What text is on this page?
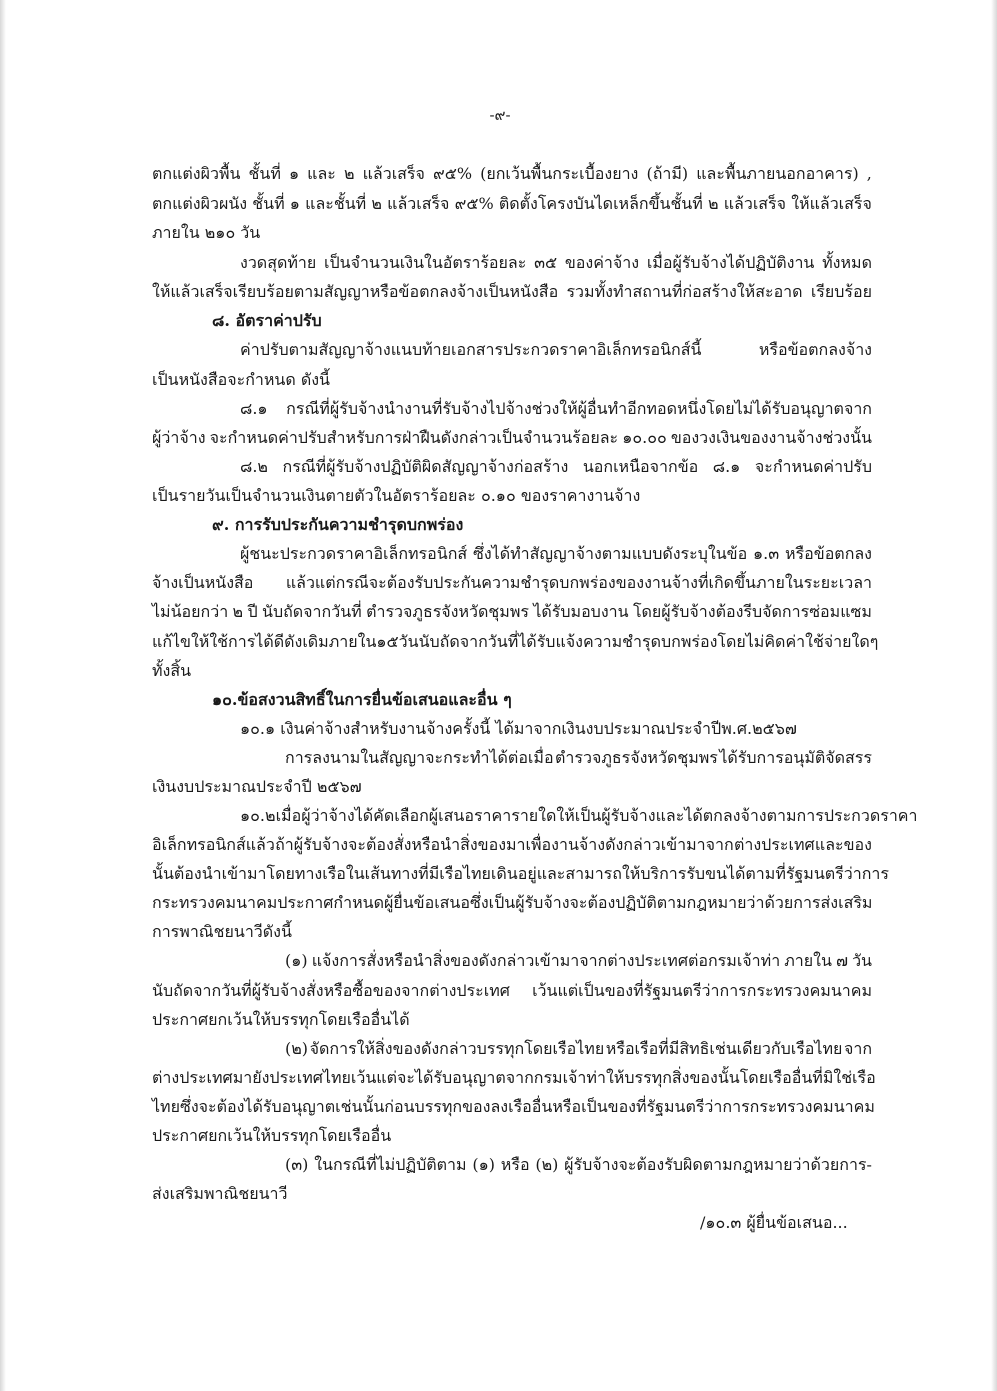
-๙-
ตกแต่งผิวพื้น ชั้นที่ ๑ และ ๒ แล้วเสร็จ ๙๕% (ยกเว้นพื้นกระเบื้องยาง (ถ้ามี) และพื้นภายนอกอาคาร) ,
ตกแต่งผิวผนัง ชั้นที่ ๑ และชั้นที่ ๒ แล้วเสร็จ ๙๕% ติดตั้งโครงบันไดเหล็กขึ้นชั้นที่ ๒ แล้วเสร็จ ให้แล้วเสร็จ
ภายใน ๒๑๐ วัน
งวดสุดท้าย เป็นจำนวนเงินในอัตราร้อยละ ๓๕ ของค่าจ้าง เมื่อผู้รับจ้างได้ปฏิบัติงาน ทั้งหมด
ให้แล้วเสร็จเรียบร้อยตามสัญญาหรือข้อตกลงจ้างเป็นหนังสือ รวมทั้งทำสถานที่ก่อสร้างให้สะอาด เรียบร้อย
๘. อัตราค่าปรับ
ค่าปรับตามสัญญาจ้างแนบท้ายเอกสารประกวดราคาอิเล็กทรอนิกส์นี้	หรือข้อตกลงจ้าง
เป็นหนังสือจะกำหนด ดังนี้
๘.๑ กรณีที่ผู้รับจ้างนำงานที่รับจ้างไปจ้างช่วงให้ผู้อื่นทำอีกทอดหนึ่งโดยไม่ได้รับอนุญาตจาก
ผู้ว่าจ้าง จะกำหนดค่าปรับสำหรับการฝ่าฝืนดังกล่าวเป็นจำนวนร้อยละ ๑๐.๐๐ ของวงเงินของงานจ้างช่วงนั้น
๘.๒ กรณีที่ผู้รับจ้างปฏิบัติผิดสัญญาจ้างก่อสร้าง นอกเหนือจากข้อ ๘.๑ จะกำหนดค่าปรับ
เป็นรายวันเป็นจำนวนเงินตายตัวในอัตราร้อยละ ๐.๑๐ ของราคางานจ้าง
๙. การรับประกันความชำรุดบกพร่อง
ผู้ชนะประกวดราคาอิเล็กทรอนิกส์ ซึ่งได้ทำสัญญาจ้างตามแบบดังระบุในข้อ ๑.๓ หรือข้อตกลง
จ้างเป็นหนังสือ แล้วแต่กรณีจะต้องรับประกันความชำรุดบกพร่องของงานจ้างที่เกิดขึ้นภายในระยะเวลา
ไม่น้อยกว่า ๒ ปี นับถัดจากวันที่ ตำรวจภูธรจังหวัดชุมพร ได้รับมอบงาน โดยผู้รับจ้างต้องรีบจัดการซ่อมแซม
แก้ไขให้ใช้การได้ดีดังเดิม ภายใน ๑๕ วัน นับถัดจากวันที่ได้รับแจ้งความชำรุดบกพร่อง โดยไม่คิดค่าใช้จ่ายใดๆ
ทั้งสิ้น
๑๐.ข้อสงวนสิทธิ์ในการยื่นข้อเสนอและอื่น ๆ
๑๐.๑ เงินค่าจ้างสำหรับงานจ้างครั้งนี้ ได้มาจากเงินงบประมาณประจำปีพ.ศ.๒๕๖๗
การลงนามในสัญญาจะกระทำได้ต่อเมื่อ ตำรวจภูธรจังหวัดชุมพร ได้รับการอนุมัติจัดสรร
เงินงบประมาณประจำปี ๒๕๖๗
๑๐.๒ เมื่อผู้ว่าจ้าง ได้คัดเลือกผู้เสนอราคารายใดให้เป็นผู้รับจ้างและได้ตกลงจ้าง ตามการประกวดราคา
อิเล็กทรอนิกส์แล้ว ถ้าผู้รับจ้างจะต้องสั่งหรือนำสิ่งของมาเพื่องานจ้างดังกล่าวเข้ามาจาก ต่างประเทศ และของ
นั้นต้องนำเข้ามาโดยทางเรือในเส้นทางที่มีเรือไทยเดินอยู่และสามารถให้บริการรับขนได้ ตามที่รัฐมนตรีว่าการ
กระทรวงคมนาคมประกาศกำหนด ผู้ยื่นข้อเสนอซึ่งเป็นผู้รับจ้างจะต้องปฏิบัติตามกฎหมายว่าด้วยการส่งเสริม
การพาณิชยนาวีดังนี้
(๑) แจ้งการสั่งหรือนำสิ่งของดังกล่าวเข้ามาจากต่างประเทศต่อกรมเจ้าท่า ภายใน ๗ วัน
นับถัดจากวันที่ผู้รับจ้างสั่งหรือซื้อของจากต่างประเทศ เว้นแต่เป็นของที่รัฐมนตรีว่าการกระทรวงคมนาคม
ประกาศยกเว้นให้บรรทุกโดยเรืออื่นได้
(๒) จัดการให้สิ่งของดังกล่าวบรรทุกโดยเรือไทย หรือเรือที่มีสิทธิเช่นเดียวกับเรือไทย จาก
ต่างประเทศมายังประเทศไทย เว้นแต่จะได้รับอนุญาตจากกรมเจ้าท่า ให้บรรทุกสิ่งของนั้นโดยเรืออื่นที่มิใช่เรือ
ไทย ซึ่งจะต้องได้รับอนุญาตเช่นนั้นก่อนบรรทุกของลงเรืออื่น หรือเป็นของที่รัฐมนตรีว่าการกระทรวงคมนาคม
ประกาศยกเว้นให้บรรทุกโดยเรืออื่น
(๓) ในกรณีที่ไม่ปฏิบัติตาม (๑) หรือ (๒) ผู้รับจ้างจะต้องรับผิดตามกฎหมายว่าด้วยการ-
ส่งเสริมพาณิชยนาวี
/๑๐.๓ ผู้ยื่นข้อเสนอ...
